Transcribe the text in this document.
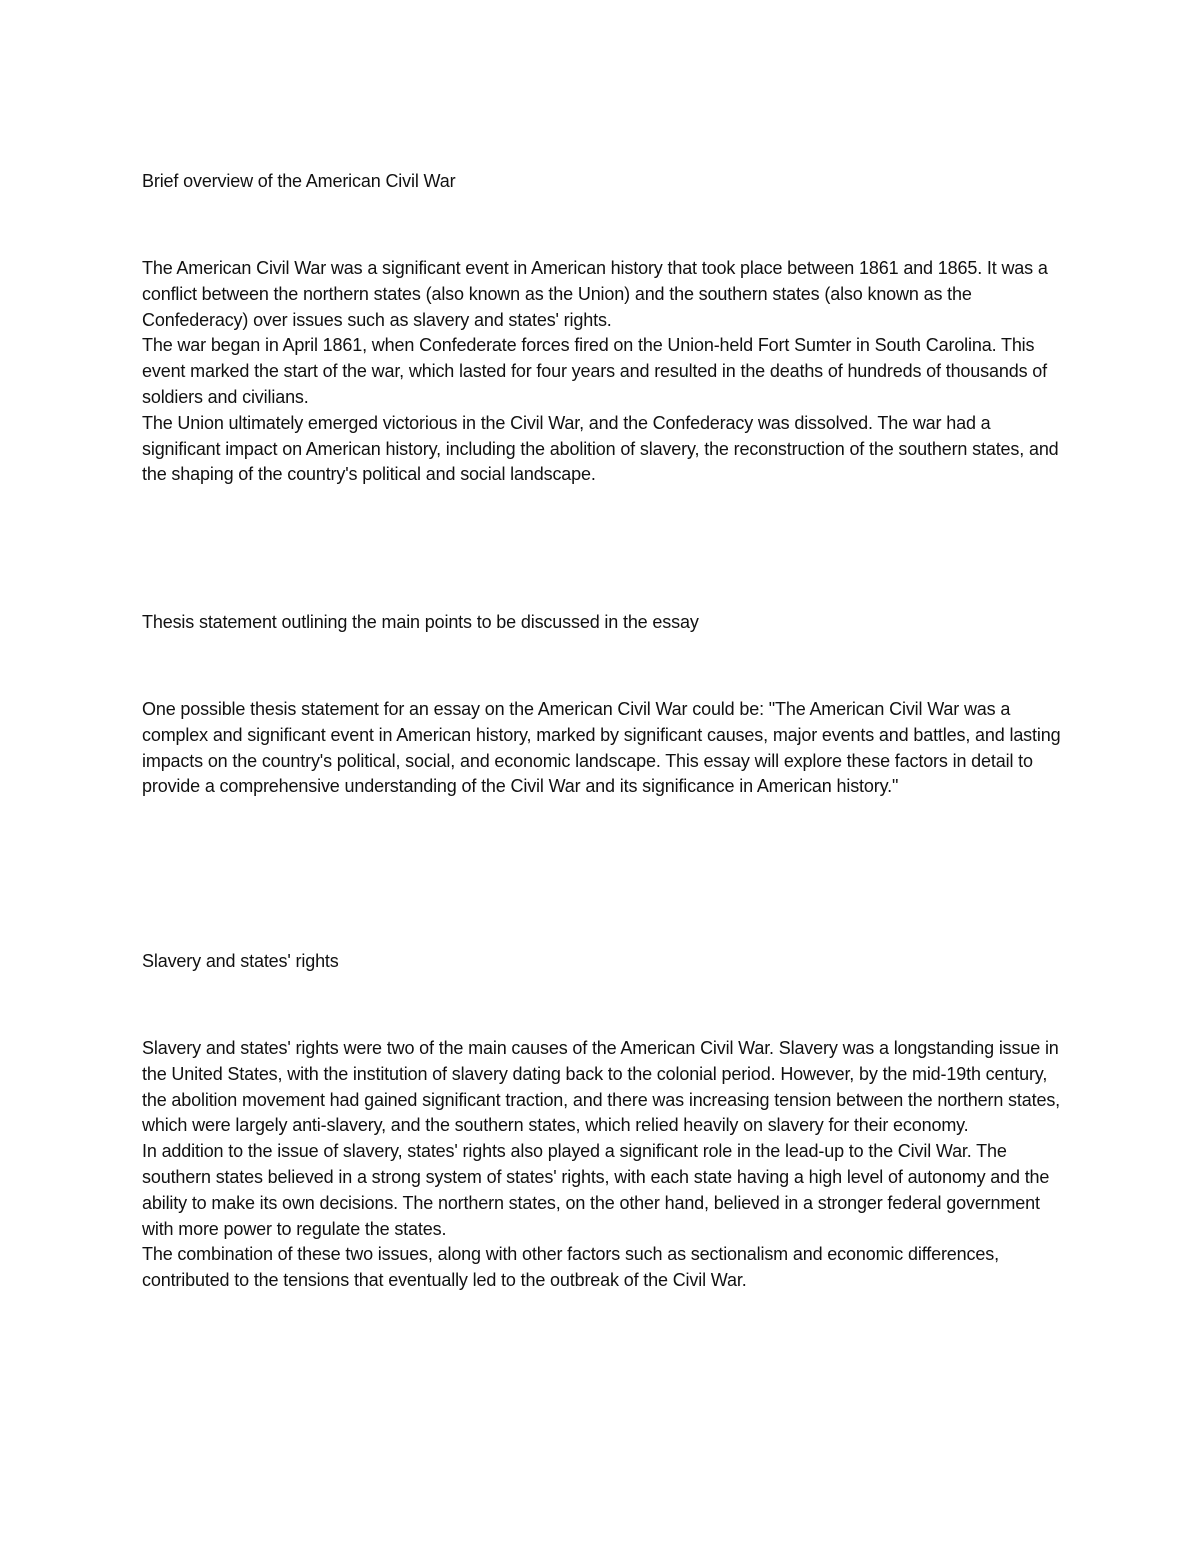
Brief overview of the American Civil War

The American Civil War was a significant event in American history that took place between 1861 and 1865. It was a conflict between the northern states (also known as the Union) and the southern states (also known as the Confederacy) over issues such as slavery and states' rights.

The war began in April 1861, when Confederate forces fired on the Union-held Fort Sumter in South Carolina. This event marked the start of the war, which lasted for four years and resulted in the deaths of hundreds of thousands of soldiers and civilians.

The Union ultimately emerged victorious in the Civil War, and the Confederacy was dissolved. The war had a significant impact on American history, including the abolition of slavery, the reconstruction of the southern states, and the shaping of the country's political and social landscape.

Thesis statement outlining the main points to be discussed in the essay

One possible thesis statement for an essay on the American Civil War could be: "The American Civil War was a complex and significant event in American history, marked by significant causes, major events and battles, and lasting impacts on the country's political, social, and economic landscape. This essay will explore these factors in detail to provide a comprehensive understanding of the Civil War and its significance in American history."

Slavery and states' rights

Slavery and states' rights were two of the main causes of the American Civil War. Slavery was a longstanding issue in the United States, with the institution of slavery dating back to the colonial period. However, by the mid-19th century, the abolition movement had gained significant traction, and there was increasing tension between the northern states, which were largely anti-slavery, and the southern states, which relied heavily on slavery for their economy.

In addition to the issue of slavery, states' rights also played a significant role in the lead-up to the Civil War. The southern states believed in a strong system of states' rights, with each state having a high level of autonomy and the ability to make its own decisions. The northern states, on the other hand, believed in a stronger federal government with more power to regulate the states.

The combination of these two issues, along with other factors such as sectionalism and economic differences, contributed to the tensions that eventually led to the outbreak of the Civil War.
